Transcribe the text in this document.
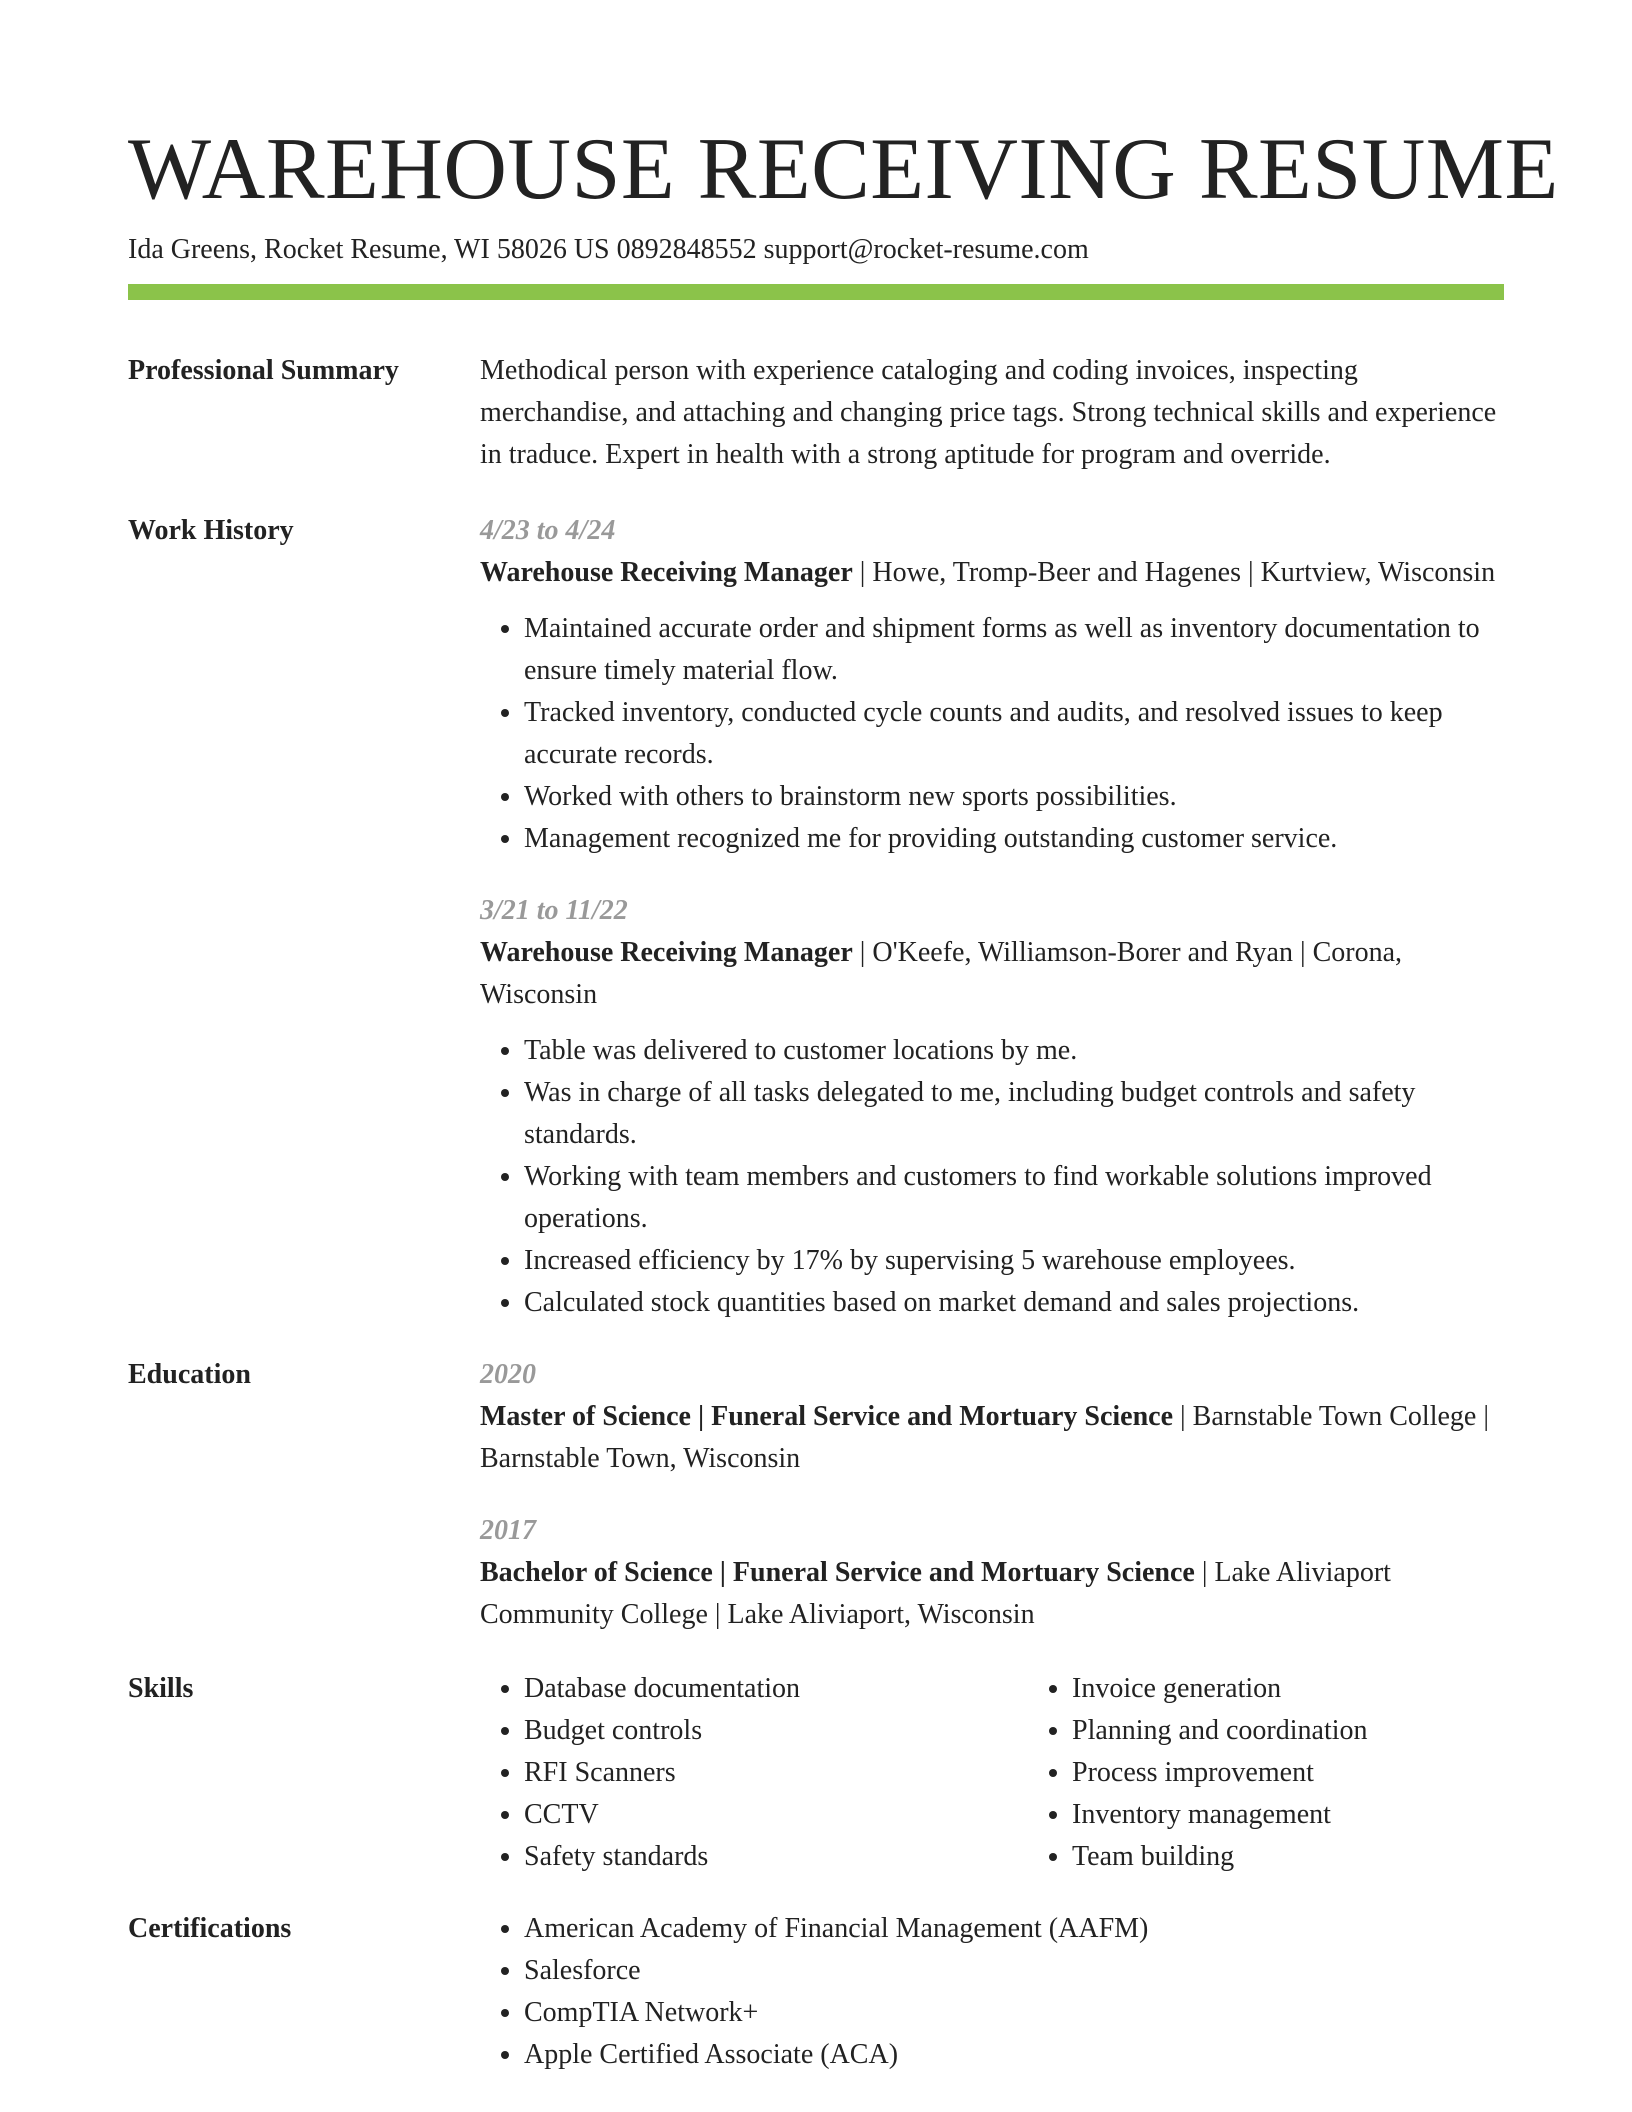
WAREHOUSE RECEIVING RESUME
Ida Greens, Rocket Resume, WI 58026 US 0892848552 support@rocket-resume.com
Professional Summary	Methodical person with experience cataloging and coding invoices, inspecting merchandise, and attaching and changing price tags. Strong technical skills and experience in traduce. Expert in health with a strong aptitude for program and override.
Work History	4/23 to 4/24
Warehouse Receiving Manager | Howe, Tromp-Beer and Hagenes | Kurtview, Wisconsin
• Maintained accurate order and shipment forms as well as inventory documentation to ensure timely material flow.
• Tracked inventory, conducted cycle counts and audits, and resolved issues to keep accurate records.
• Worked with others to brainstorm new sports possibilities.
• Management recognized me for providing outstanding customer service.
3/21 to 11/22
Warehouse Receiving Manager | O'Keefe, Williamson-Borer and Ryan | Corona, Wisconsin
• Table was delivered to customer locations by me.
• Was in charge of all tasks delegated to me, including budget controls and safety standards.
• Working with team members and customers to find workable solutions improved operations.
• Increased efficiency by 17% by supervising 5 warehouse employees.
• Calculated stock quantities based on market demand and sales projections.
Education	2020
Master of Science | Funeral Service and Mortuary Science | Barnstable Town College | Barnstable Town, Wisconsin
2017
Bachelor of Science | Funeral Service and Mortuary Science | Lake Aliviaport Community College | Lake Aliviaport, Wisconsin
Skills	• Database documentation
• Budget controls
• RFI Scanners
• CCTV
• Safety standards
• Invoice generation
• Planning and coordination
• Process improvement
• Inventory management
• Team building
Certifications	• American Academy of Financial Management (AAFM)
• Salesforce
• CompTIA Network+
• Apple Certified Associate (ACA)
